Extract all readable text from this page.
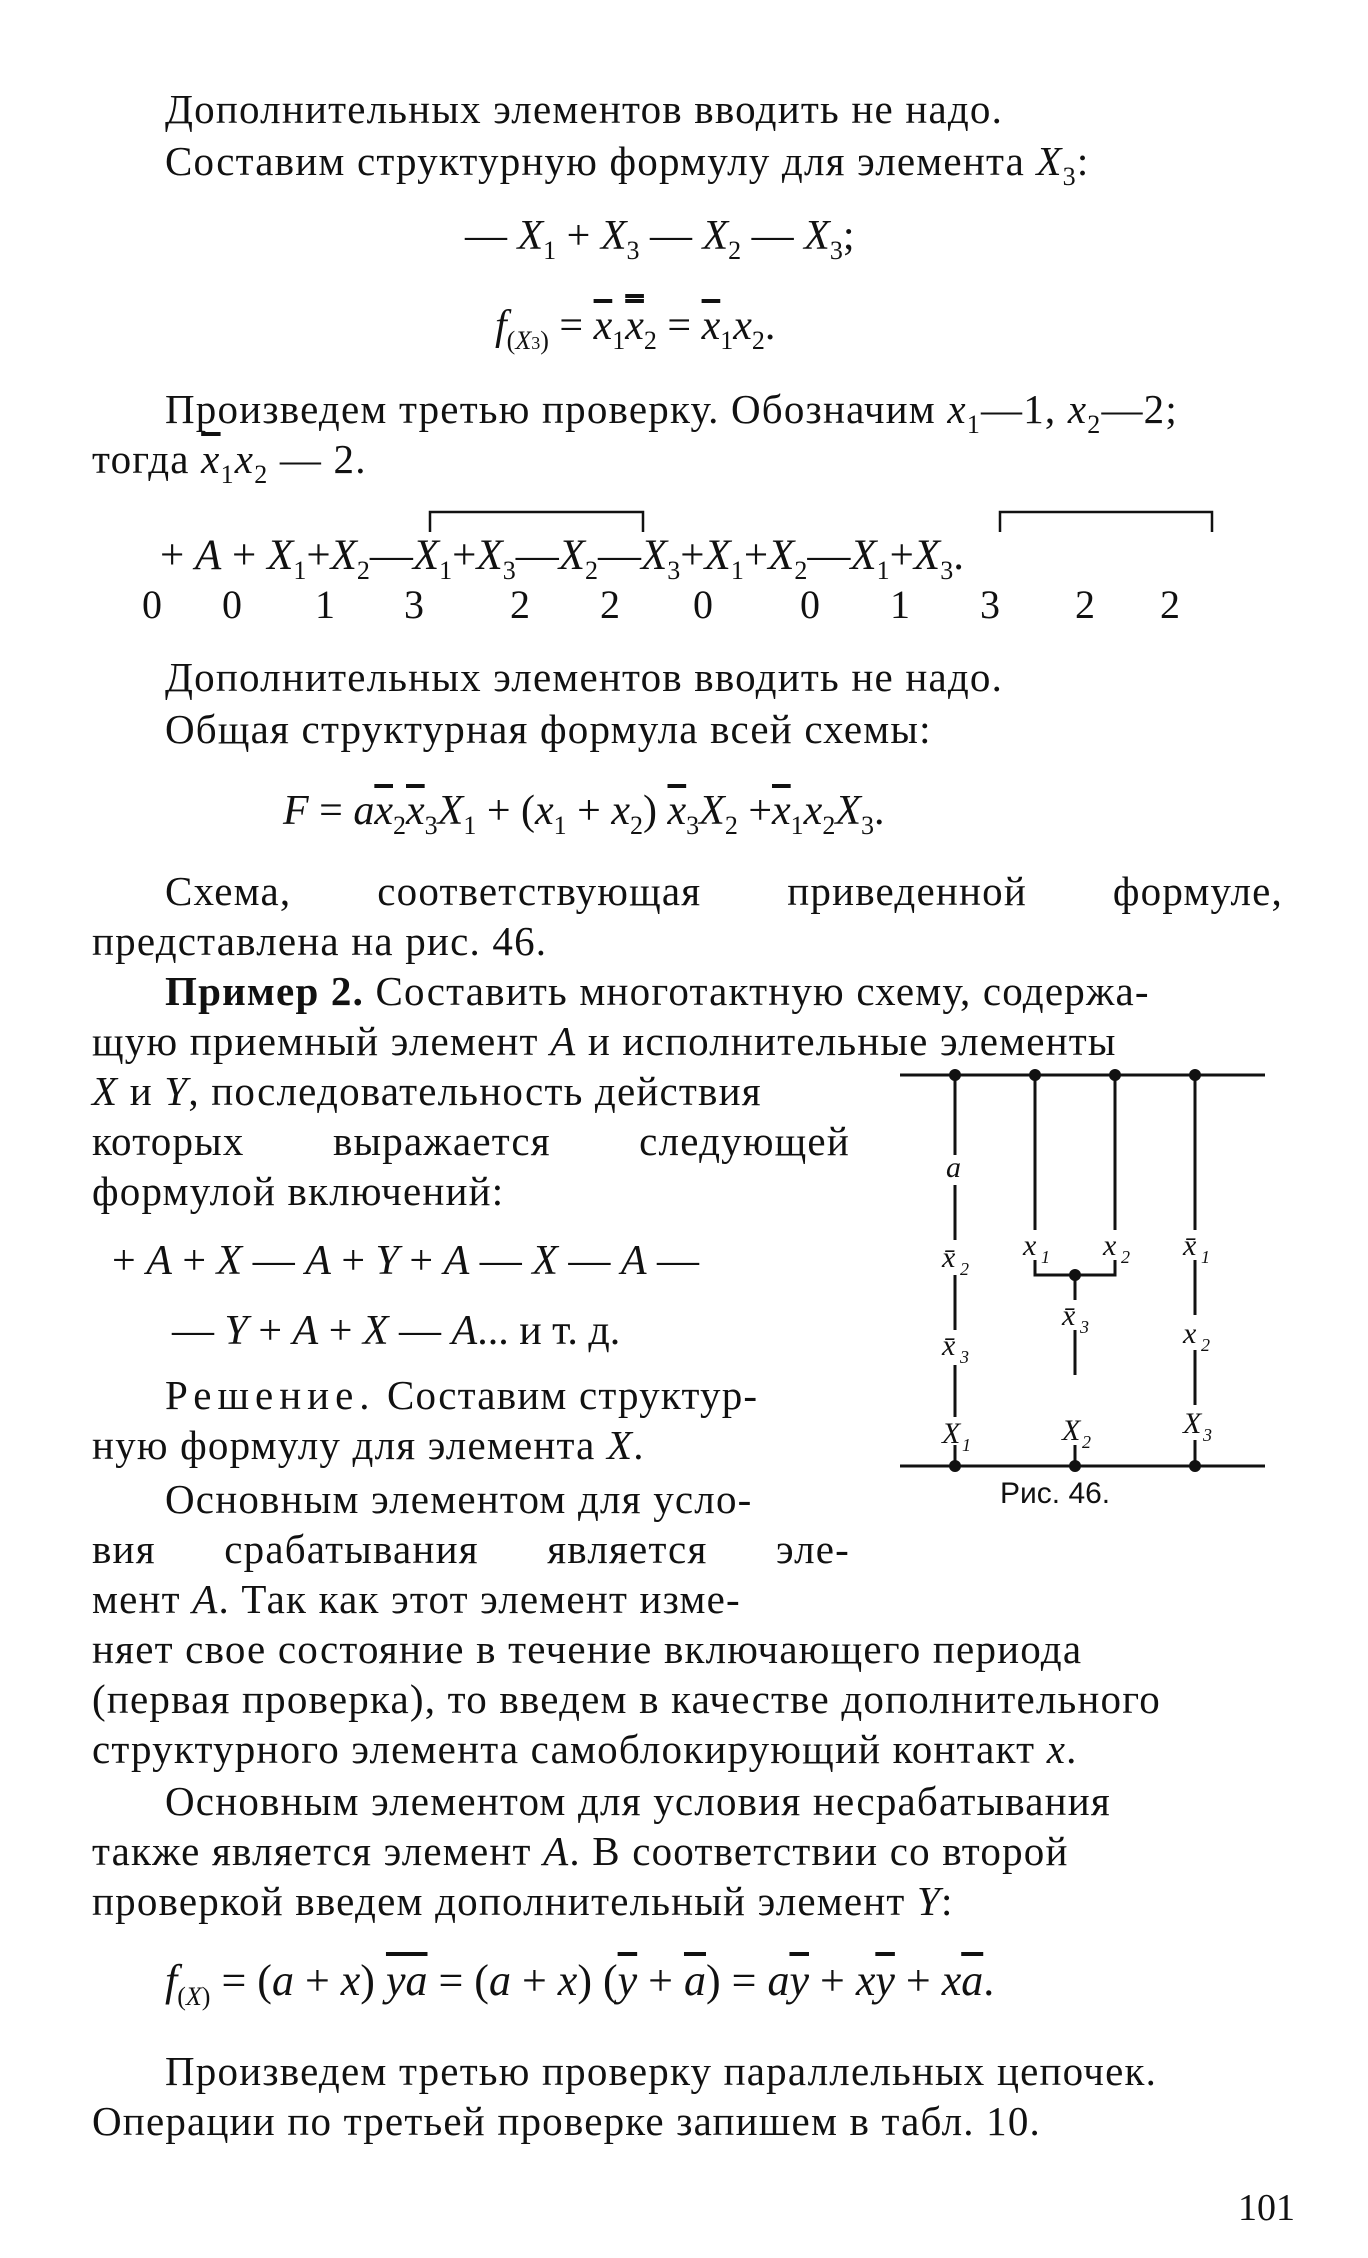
Дополнительных элементов вводить не надо.
Составим структурную формулу для элемента $X_3$:
— $X_1 + X_3$ — $X_2$ — $X_3$;
$f_{(X3)} = \overline{x}_1x_2 = \overline{x}_1x_2$.
Произведем третью проверку. Обозначим $x_1—1$, $x_2—2$;
тогда $\overline{x}_1x_2$ — 2.
+ $A + X_1+X_2—X_1+X_3—X_2—X_3+X_1+X_2—X_1+X_3$.
0 0 1 3 2 2 0 0 1 3 2 2
Дополнительных элементов вводить не надо.
Общая структурная формула всей схемы:
$F = a\overline{x}_2\overline{x}_3X_1 + (x_1 + x_2)$ $\overline{x}_3X_2 +\overline{x}_1x_2X_3$.
Схема, соответствующая приведенной формуле,
представлена на рис. 46.
Пример 2. Составить многотактную схему, содержа-
щую приемный элемент A и исполнительные элементы
X и Y, последовательность действия
которых выражается следующей
формулой включений:
+ A + X — A + Y + A — X — A —
— Y + A + X — A... и т. д.
Решение. Составим структур-
ную формулу для элемента X.
Основным элементом для усло-
вия срабатывания является эле-
мент A. Так как этот элемент изме-
няет свое состояние в течение включающего периода
(первая проверка), то введем в качестве дополнительного
структурного элемента самоблокирующий контакт x.
Основным элементом для условия несрабатывания
также является элемент A. В соответствии со второй
проверкой введем дополнительный элемент Y:
$f_{(X)} = (a + x) \overline{ya} = (a + x) (\overline{y} + \overline{a}) = a\overline{y} + x\overline{y} + x\overline{a}$.
Произведем третью проверку параллельных цепочек.
Операции по третьей проверке запишем в табл. 10.
101
a
x̄ 2
x̄ 3
X 1
x 1 x 2
x̄ 3
X 2
x̄ 1
x 2
X 3
Рис. 46.
